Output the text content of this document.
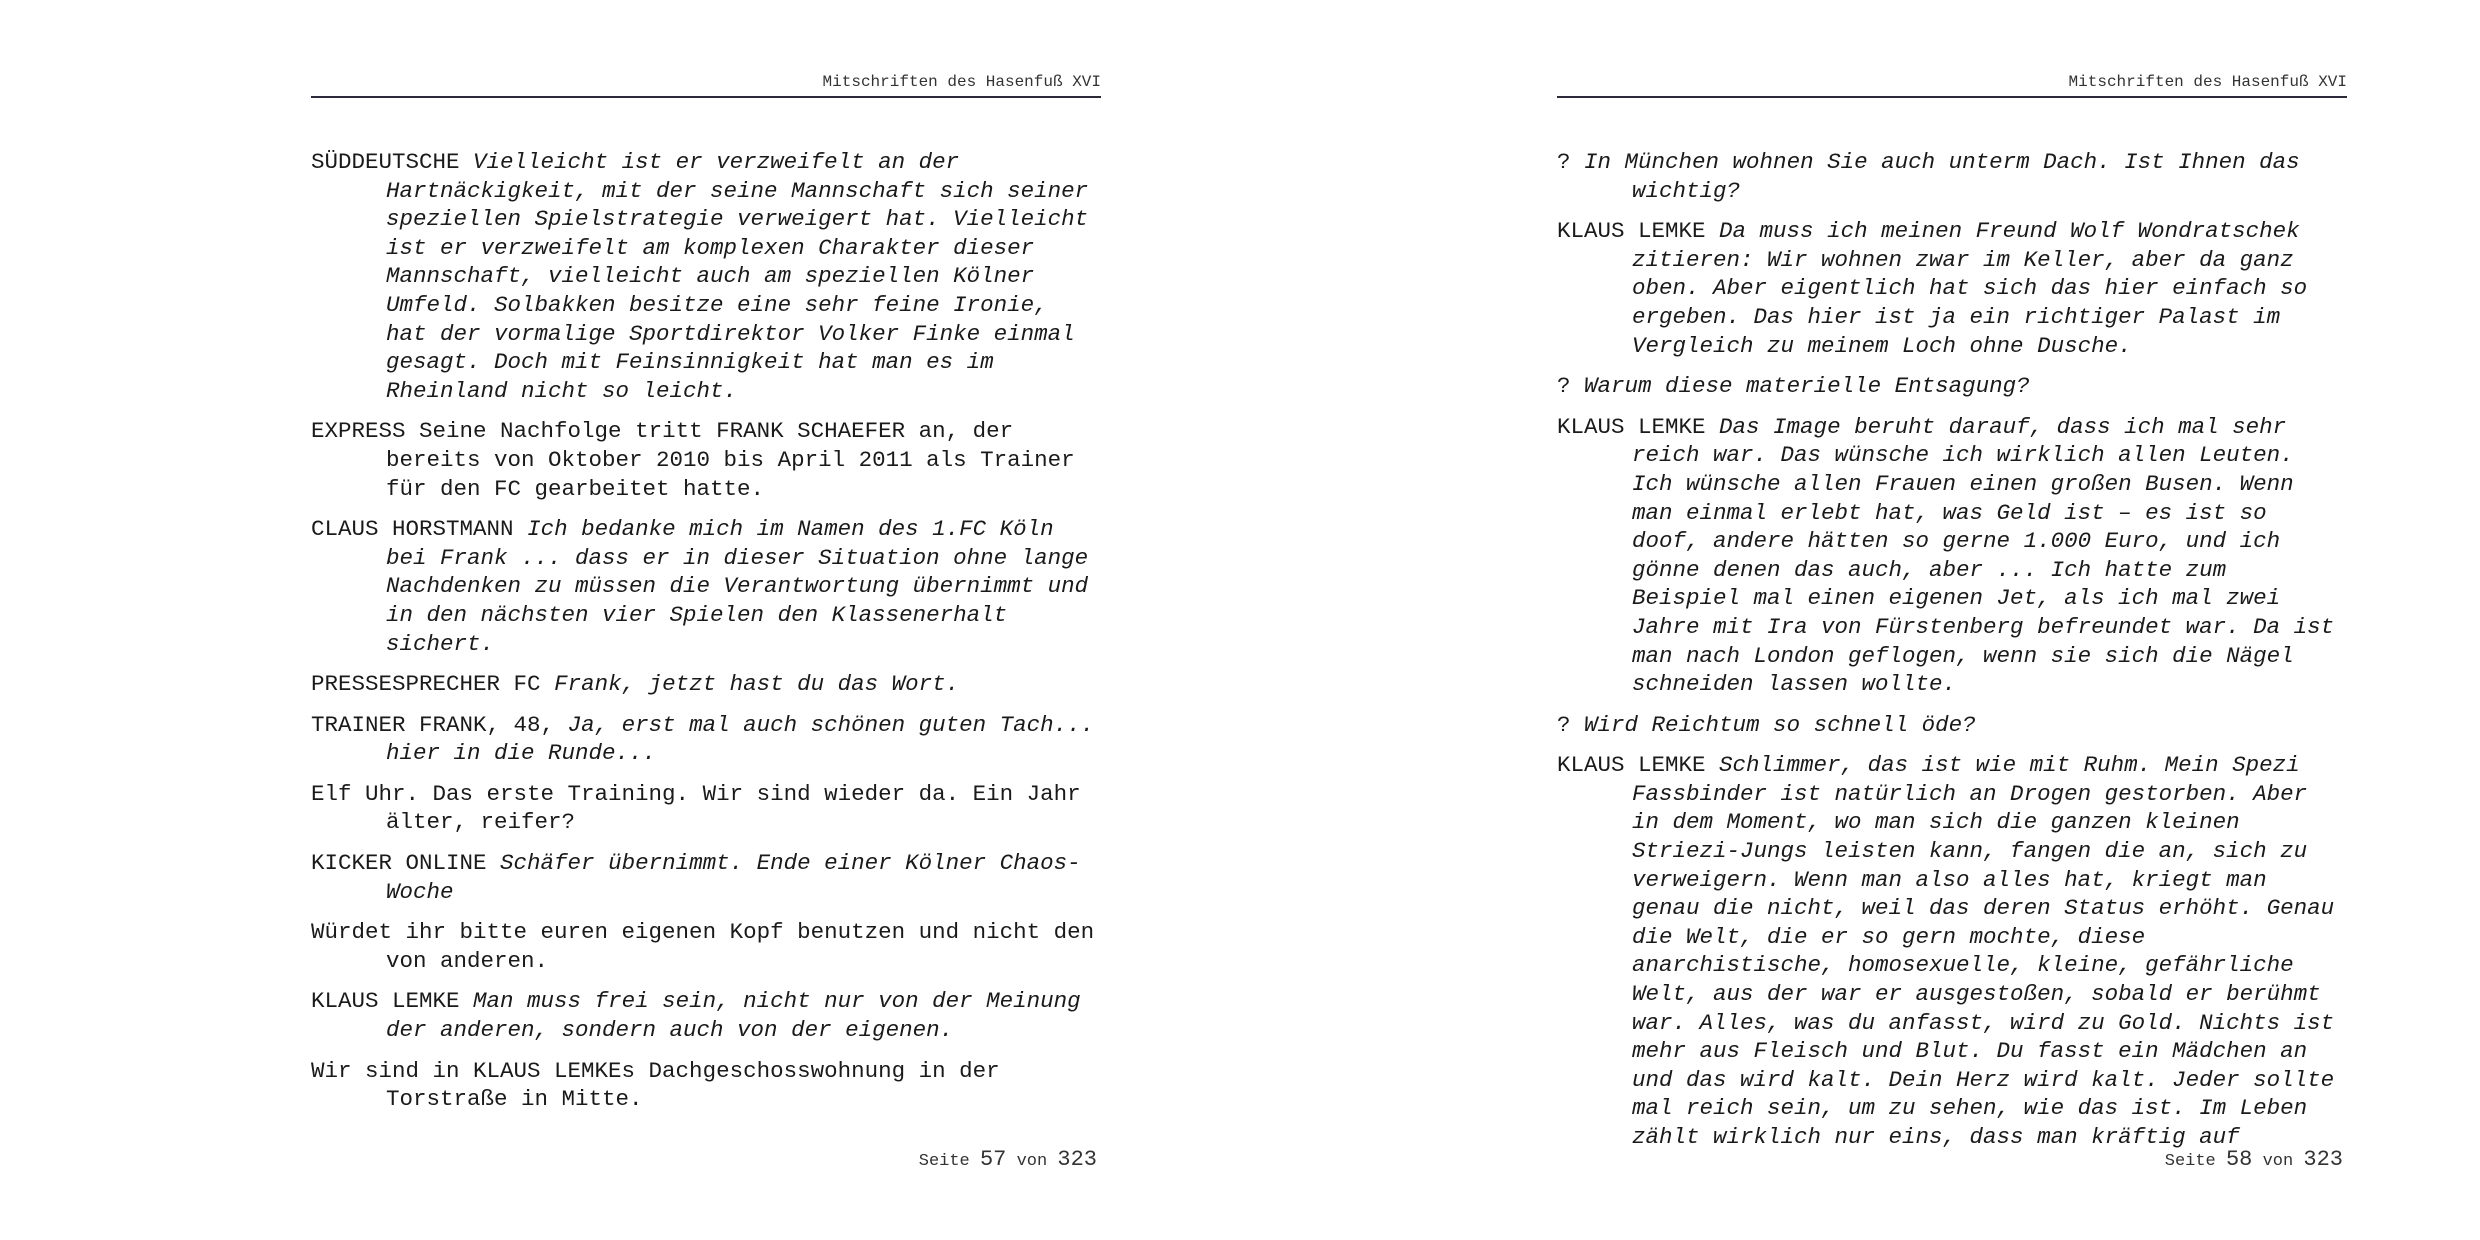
Mitschriften des Hasenfuß XVI

SÜDDEUTSCHE Vielleicht ist er verzweifelt an der Hartnäckigkeit, mit der seine Mannschaft sich seiner speziellen Spielstrategie verweigert hat. Vielleicht ist er verzweifelt am komplexen Charakter dieser Mannschaft, vielleicht auch am speziellen Kölner Umfeld. Solbakken besitze eine sehr feine Ironie, hat der vormalige Sportdirektor Volker Finke einmal gesagt. Doch mit Feinsinnigkeit hat man es im Rheinland nicht so leicht.

EXPRESS Seine Nachfolge tritt FRANK SCHAEFER an, der bereits von Oktober 2010 bis April 2011 als Trainer für den FC gearbeitet hatte.

CLAUS HORSTMANN Ich bedanke mich im Namen des 1.FC Köln bei Frank ... dass er in dieser Situation ohne lange Nachdenken zu müssen die Verantwortung übernimmt und in den nächsten vier Spielen den Klassenerhalt sichert.

PRESSESPRECHER FC Frank, jetzt hast du das Wort.

TRAINER FRANK, 48, Ja, erst mal auch schönen guten Tach... hier in die Runde...

Elf Uhr. Das erste Training. Wir sind wieder da. Ein Jahr älter, reifer?

KICKER ONLINE Schäfer übernimmt. Ende einer Kölner Chaos-Woche

Würdet ihr bitte euren eigenen Kopf benutzen und nicht den von anderen.

KLAUS LEMKE Man muss frei sein, nicht nur von der Meinung der anderen, sondern auch von der eigenen.

Wir sind in KLAUS LEMKEs Dachgeschosswohnung in der Torstraße in Mitte.

Seite 57 von 323
Mitschriften des Hasenfuß XVI

? In München wohnen Sie auch unterm Dach. Ist Ihnen das wichtig?

KLAUS LEMKE Da muss ich meinen Freund Wolf Wondratschek zitieren: Wir wohnen zwar im Keller, aber da ganz oben. Aber eigentlich hat sich das hier einfach so ergeben. Das hier ist ja ein richtiger Palast im Vergleich zu meinem Loch ohne Dusche.

? Warum diese materielle Entsagung?

KLAUS LEMKE Das Image beruht darauf, dass ich mal sehr reich war. Das wünsche ich wirklich allen Leuten. Ich wünsche allen Frauen einen großen Busen. Wenn man einmal erlebt hat, was Geld ist – es ist so doof, andere hätten so gerne 1.000 Euro, und ich gönne denen das auch, aber ... Ich hatte zum Beispiel mal einen eigenen Jet, als ich mal zwei Jahre mit Ira von Fürstenberg befreundet war. Da ist man nach London geflogen, wenn sie sich die Nägel schneiden lassen wollte.

? Wird Reichtum so schnell öde?

KLAUS LEMKE Schlimmer, das ist wie mit Ruhm. Mein Spezi Fassbinder ist natürlich an Drogen gestorben. Aber in dem Moment, wo man sich die ganzen kleinen Striezi-Jungs leisten kann, fangen die an, sich zu verweigern. Wenn man also alles hat, kriegt man genau die nicht, weil das deren Status erhöht. Genau die Welt, die er so gern mochte, diese anarchistische, homosexuelle, kleine, gefährliche Welt, aus der war er ausgestoßen, sobald er berühmt war. Alles, was du anfasst, wird zu Gold. Nichts ist mehr aus Fleisch und Blut. Du fasst ein Mädchen an und das wird kalt. Dein Herz wird kalt. Jeder sollte mal reich sein, um zu sehen, wie das ist. Im Leben zählt wirklich nur eins, dass man kräftig auf

Seite 58 von 323
